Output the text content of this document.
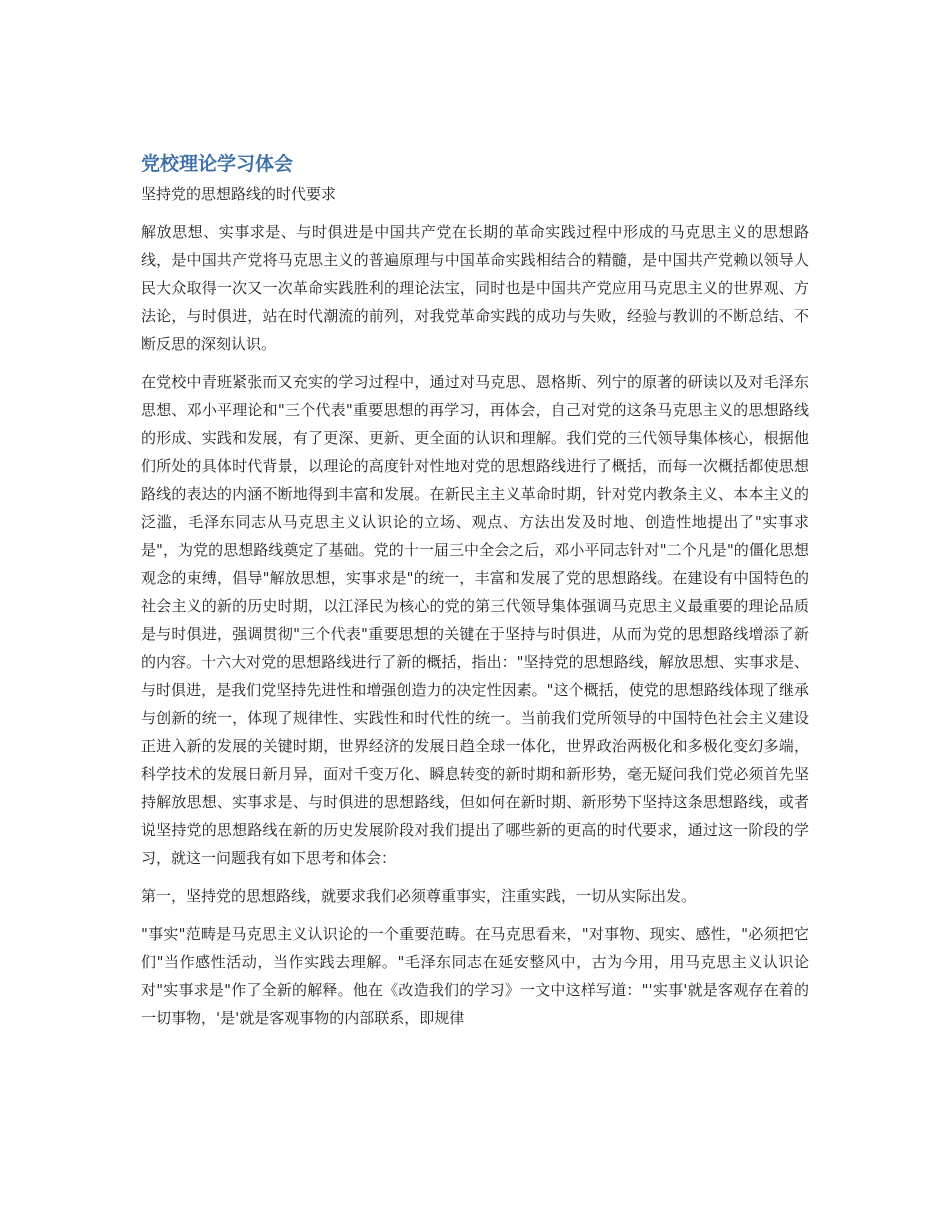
党校理论学习体会

坚持党的思想路线的时代要求

解放思想、实事求是、与时俱进是中国共产党在长期的革命实践过程中形成的马克思主义的思想路线，是中国共产党将马克思主义的普遍原理与中国革命实践相结合的精髓，是中国共产党赖以领导人民大众取得一次又一次革命实践胜利的理论法宝，同时也是中国共产党应用马克思主义的世界观、方法论，与时俱进，站在时代潮流的前列，对我党革命实践的成功与失败，经验与教训的不断总结、不断反思的深刻认识。

在党校中青班紧张而又充实的学习过程中，通过对马克思、恩格斯、列宁的原著的研读以及对毛泽东思想、邓小平理论和"三个代表"重要思想的再学习，再体会，自己对党的这条马克思主义的思想路线的形成、实践和发展，有了更深、更新、更全面的认识和理解。我们党的三代领导集体核心，根据他们所处的具体时代背景，以理论的高度针对性地对党的思想路线进行了概括，而每一次概括都使思想路线的表达的内涵不断地得到丰富和发展。在新民主主义革命时期，针对党内教条主义、本本主义的泛滥，毛泽东同志从马克思主义认识论的立场、观点、方法出发及时地、创造性地提出了"实事求是"，为党的思想路线奠定了基础。党的十一届三中全会之后，邓小平同志针对"二个凡是"的僵化思想观念的束缚，倡导"解放思想，实事求是"的统一，丰富和发展了党的思想路线。在建设有中国特色的社会主义的新的历史时期，以江泽民为核心的党的第三代领导集体强调马克思主义最重要的理论品质是与时俱进，强调贯彻"三个代表"重要思想的关键在于坚持与时俱进，从而为党的思想路线增添了新的内容。十六大对党的思想路线进行了新的概括，指出："坚持党的思想路线，解放思想、实事求是、与时俱进，是我们党坚持先进性和增强创造力的决定性因素。"这个概括，使党的思想路线体现了继承与创新的统一，体现了规律性、实践性和时代性的统一。当前我们党所领导的中国特色社会主义建设正进入新的发展的关键时期，世界经济的发展日趋全球一体化，世界政治两极化和多极化变幻多端，科学技术的发展日新月异，面对千变万化、瞬息转变的新时期和新形势，毫无疑问我们党必须首先坚持解放思想、实事求是、与时俱进的思想路线，但如何在新时期、新形势下坚持这条思想路线，或者说坚持党的思想路线在新的历史发展阶段对我们提出了哪些新的更高的时代要求，通过这一阶段的学习，就这一问题我有如下思考和体会：

第一，坚持党的思想路线，就要求我们必须尊重事实，注重实践，一切从实际出发。

"事实"范畴是马克思主义认识论的一个重要范畴。在马克思看来，"对事物、现实、感性，"必须把它们"当作感性活动，当作实践去理解。"毛泽东同志在延安整风中，古为今用，用马克思主义认识论对"实事求是"作了全新的解释。他在《改造我们的学习》一文中这样写道："'实事'就是客观存在着的一切事物，'是'就是客观事物的内部联系，即规律
